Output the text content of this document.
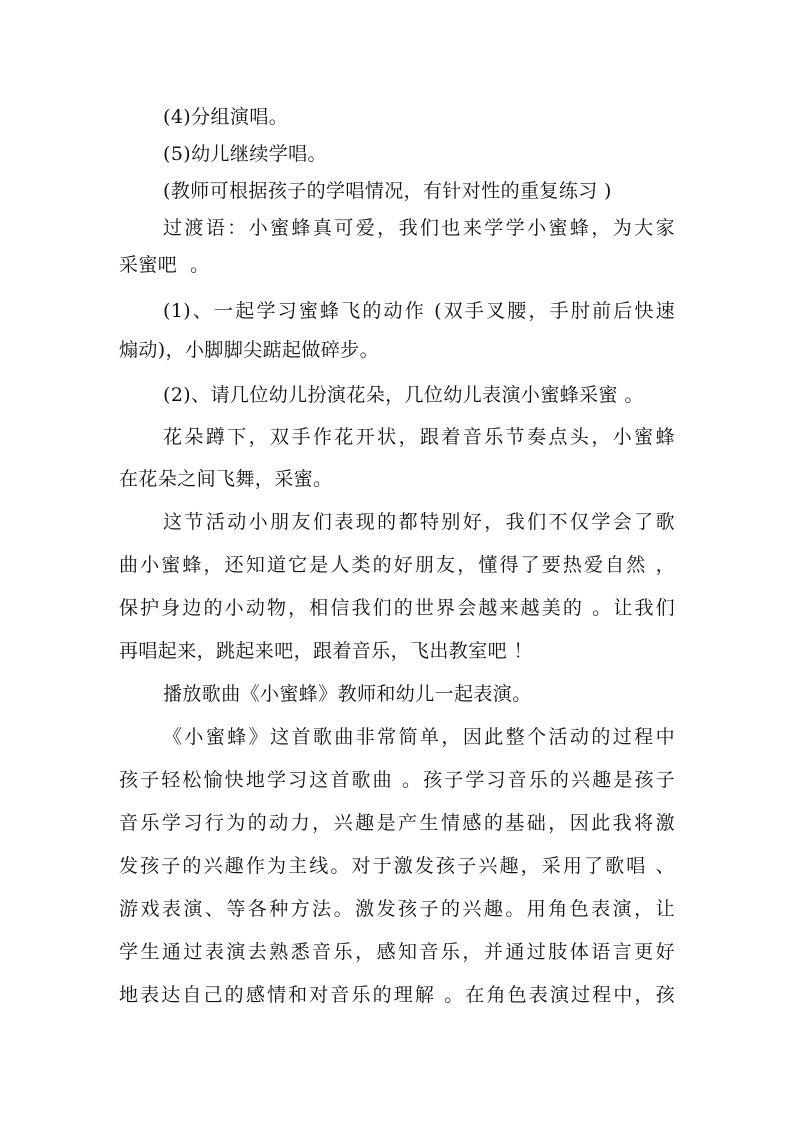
(4)分组演唱。
(5)幼儿继续学唱。
(教师可根据孩子的学唱情况，有针对性的重复练习 )
过渡语：小蜜蜂真可爱，我们也来学学小蜜蜂，为大家
采蜜吧  。
(1)、一起学习蜜蜂飞的动作 (双手叉腰，手肘前后快速
煽动)，小脚脚尖踮起做碎步。
(2)、请几位幼儿扮演花朵，几位幼儿表演小蜜蜂采蜜 。
花朵蹲下，双手作花开状，跟着音乐节奏点头，小蜜蜂
在花朵之间飞舞，采蜜。
这节活动小朋友们表现的都特别好，我们不仅学会了歌
曲小蜜蜂，还知道它是人类的好朋友，懂得了要热爱自然 ，
保护身边的小动物，相信我们的世界会越来越美的 。让我们
再唱起来，跳起来吧，跟着音乐，飞出教室吧 ！
播放歌曲《小蜜蜂》教师和幼儿一起表演。
《小蜜蜂》这首歌曲非常简单，因此整个活动的过程中
孩子轻松愉快地学习这首歌曲 。孩子学习音乐的兴趣是孩子
音乐学习行为的动力，兴趣是产生情感的基础，因此我将激
发孩子的兴趣作为主线。对于激发孩子兴趣，采用了歌唱 、
游戏表演、等各种方法。激发孩子的兴趣。用角色表演，让
学生通过表演去熟悉音乐，感知音乐，并通过肢体语言更好
地表达自己的感情和对音乐的理解 。在角色表演过程中，孩
